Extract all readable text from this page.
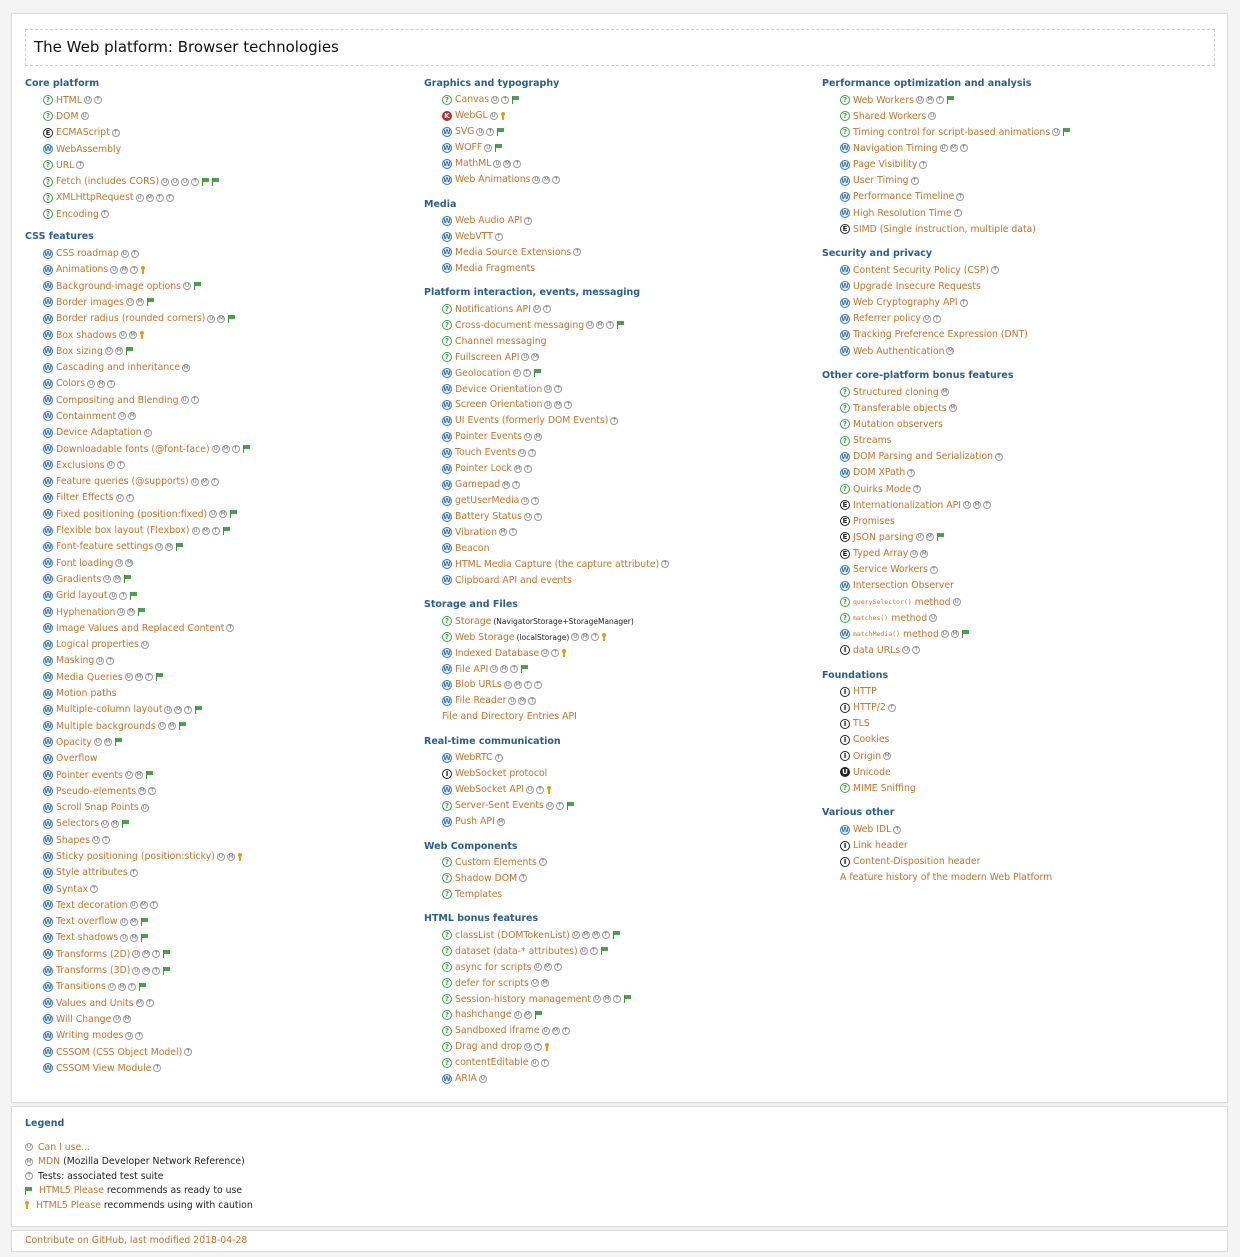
The Web platform: Browser technologies
Core platform
? HTML U	T
? DOM U
E ECMAScript T
W WebAssembly
? URL T
? Fetch (includes CORS) U	U	U	T
? XMLHttpRequest U	M	T	T
? Encoding T
CSS features
W CSS roadmap U	T
W Animations U	M	T
W Background-image options U
W Border images U	M
W Border radius (rounded corners) U	M
W Box shadows U	M
W Box sizing U	M
W Cascading and inheritance M
W Colors U	M	T
W Compositing and Blending U	T
W Containment U	M
W Device Adaptation U
W Downloadable fonts (@font-face) U	M	T
W Exclusions U	T
W Feature queries (@supports) U	M	T
W Filter Effects U	T
W Fixed positioning (position:fixed) U	M
W Flexible box layout (Flexbox) U	M	T
W Font-feature settings U	M
W Font loading U	M
W Gradients U	M
W Grid layout U	T
W Hyphenation U	M
W Image Values and Replaced Content T
W Logical properties U
W Masking U	T
W Media Queries U	M	T
W Motion paths
W Multiple-column layout U	M	T
W Multiple backgrounds U	M
W Opacity U	M
W Overflow
W Pointer events U	M
W Pseudo-elements M	T
W Scroll Snap Points U
W Selectors U	M
W Shapes U	T
W Sticky positioning (position:sticky) U	M
W Style attributes T
W Syntax T
W Text decoration U	M	T
W Text overflow U	M
W Text shadows U	M
W Transforms (2D) U	M	T
W Transforms (3D) U	M	T
W Transitions U	M	T
W Values and Units M	T
W Will Change U	M
W Writing modes U	T
W CSSOM (CSS Object Model) T
W CSSOM View Module T
Graphics and typography
? Canvas U	T
K WebGL U
W SVG U	T
W WOFF U
W MathML U	M	T
W Web Animations U	M	T
Media
W Web Audio API T
W WebVTT T
W Media Source Extensions T
W Media Fragments
Platform interaction, events, messaging
? Notifications API U	T
? Cross-document messaging U	M	T
? Channel messaging
? Fullscreen API U	M
W Geolocation U	T
W Device Orientation U	T
W Screen Orientation U	M	T
W UI Events (formerly DOM Events) T
W Pointer Events U	M
W Touch Events U	T
W Pointer Lock M	T
W Gamepad M	T
W getUserMedia U	T
W Battery Status U	T
W Vibration M	T
W Beacon
W HTML Media Capture (the capture attribute) T
W Clipboard API and events
Storage and Files
? Storage (NavigatorStorage+StorageManager)
? Web Storage (localStorage) U	M	T
W Indexed Database U	T
W File API U	M	T
W Blob URLs U	M	T	T
W File Reader U	M	T
File and Directory Entries API
Real-time communication
W WebRTC T
I WebSocket protocol
W WebSocket API U	T
? Server-Sent Events U	T
W Push API M
Web Components
? Custom Elements T
? Shadow DOM T
? Templates
HTML bonus features
? classList (DOMTokenList) U	M M	T
? dataset (data-* attributes) U	T
? async for scripts U	M	T
? defer for scripts U	M
? Session-history management U	M	T
? hashchange U	M
? Sandboxed iframe U	M	T
? Drag and drop U	T
? contentEditable U	T
W ARIA U
Performance optimization and analysis
? Web Workers U	M	T
? Shared Workers U
? Timing control for script-based animations U
W Navigation Timing U	M	T
W Page Visibility T
W User Timing T
W Performance Timeline T
W High Resolution Time T
E SIMD (Single instruction, multiple data)
Security and privacy
W Content Security Policy (CSP) T
W Upgrade Insecure Requests
W Web Cryptography API T
W Referrer policy U	T
W Tracking Preference Expression (DNT)
W Web Authentication M
Other core-platform bonus features
? Structured cloning M
? Transferable objects M
? Mutation observers
? Streams
W DOM Parsing and Serialization T
W DOM XPath T
? Quirks Mode T
E Internationalization API U	M	T
E Promises
E JSON parsing U	M
E Typed Array U	M
W Service Workers T
W Intersection Observer
? querySelector()
method U
? matches()
method U
W matchMedia()
method U	M
I data URLs U	T
Foundations
I HTTP
I HTTP/2 T
I TLS
I Cookies
I Origin M
U Unicode
? MIME Sniffing
Various other
W Web IDL T
I Link header
I Content-Disposition header
A feature history of the modern Web Platform
Legend
U Can I use...
M MDN (Mozilla Developer Network Reference)
T Tests: associated test suite
HTML5 Please recommends as ready to use
HTML5 Please recommends using with caution
Contribute on GitHub, last modified 2018-04-28
